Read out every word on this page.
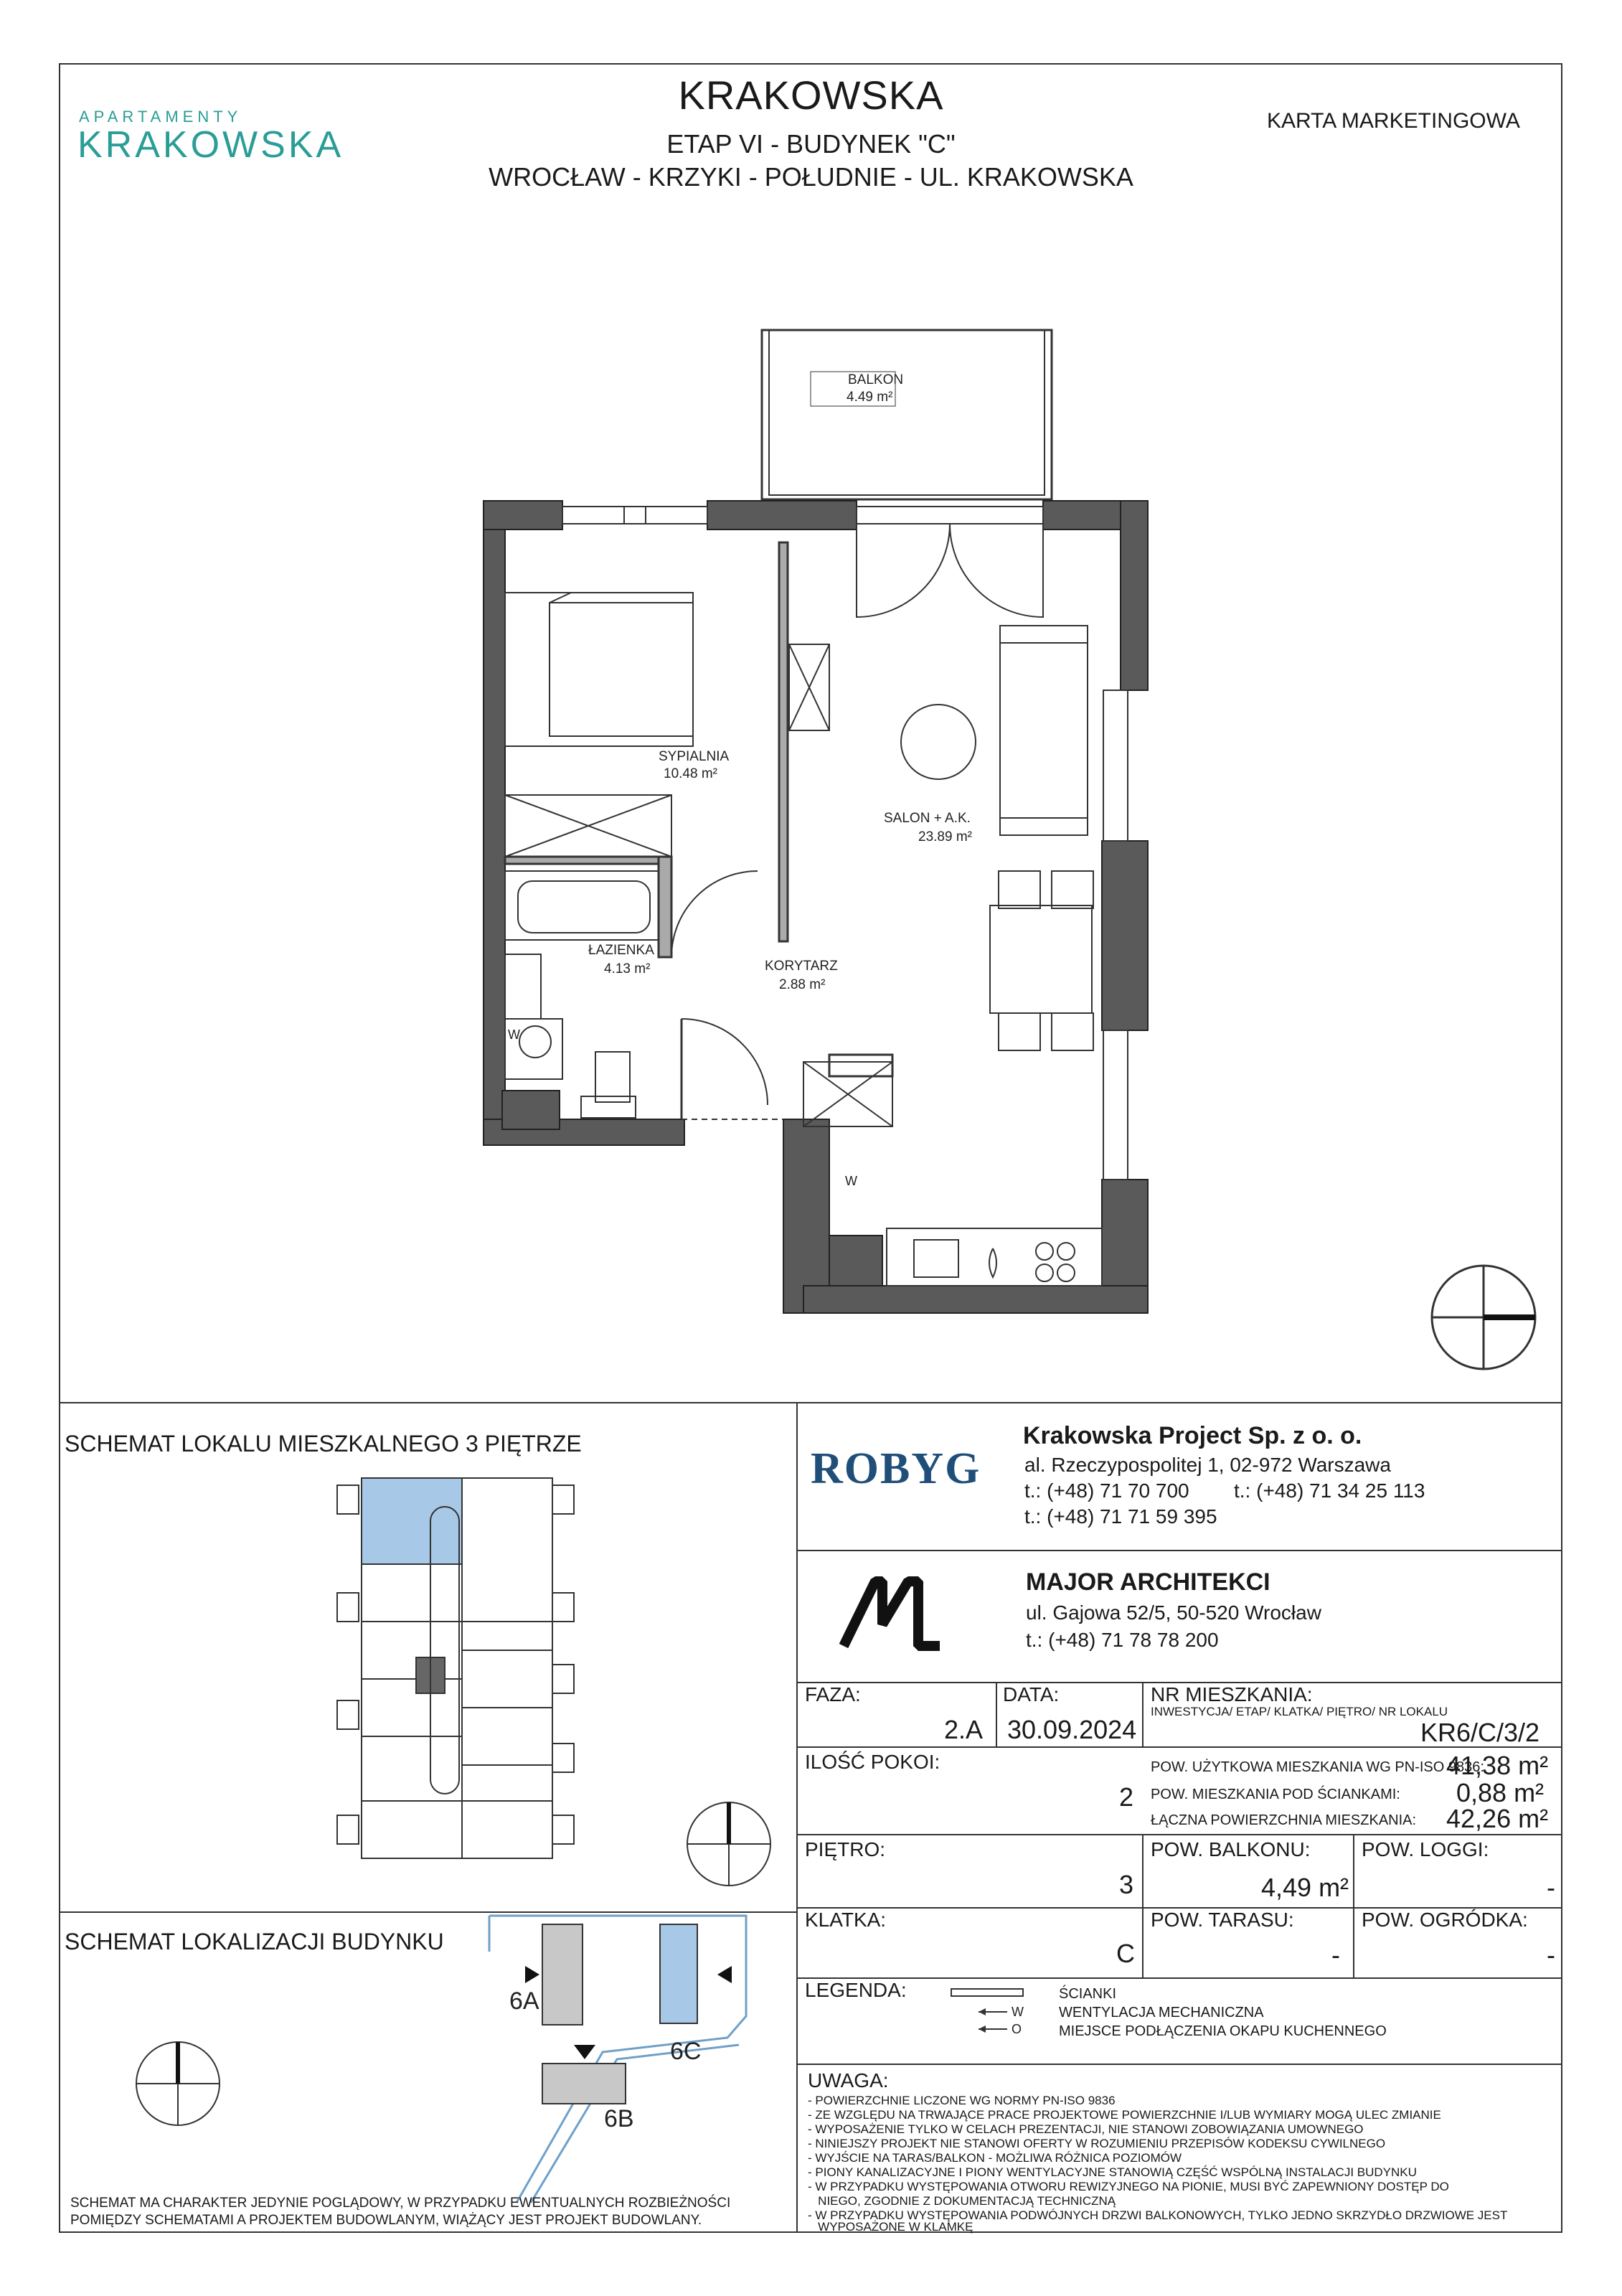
APARTAMENTY
KRAKOWSKA
KRAKOWSKA
ETAP VI - BUDYNEK "C"
WROCŁAW - KRZYKI - POŁUDNIE - UL. KRAKOWSKA
KARTA MARKETINGOWA
BALKON
4.49 m²
SYPIALNIA
10.48 m²
SALON + A.K.
23.89 m²
ŁAZIENKA
4.13 m²	KORYTARZ
2.88 m²
W
W
SCHEMAT LOKALU MIESZKALNEGO 3 PIĘTRZE
SCHEMAT LOKALIZACJI BUDYNKU
6A
6B
6C
SCHEMAT MA CHARAKTER JEDYNIE POGLĄDOWY, W PRZYPADKU EWENTUALNYCH ROZBIEŻNOŚCI
POMIĘDZY SCHEMATAMI A PROJEKTEM BUDOWLANYM, WIĄŻĄCY JEST PROJEKT BUDOWLANY.
ROBYG
Krakowska Project Sp. z o. o.
al. Rzeczypospolitej 1, 02-972 Warszawa
t.: (+48) 71 70 700 t.: (+48) 71 34 25 113
t.: (+48) 71 71 59 395
MAJOR ARCHITEKCI
ul. Gajowa 52/5, 50-520 Wrocław
t.: (+48) 71 78 78 200
FAZA:
2.A
DATA:
30.09.2024
NR MIESZKANIA:
INWESTYCJA/ ETAP/ KLATKA/ PIĘTRO/ NR LOKALU
KR6/C/3/2
ILOŚĆ POKOI:
2
POW. UŻYTKOWA MIESZKANIA WG PN-ISO 9836:
41,38 m²
POW. MIESZKANIA POD ŚCIANKAMI: 0,88 m²
ŁĄCZNA POWIERZCHNIA MIESZKANIA: 42,26 m²
PIĘTRO:
3
POW. BALKONU:
4,49 m²
POW. LOGGI:
-
KLATKA:
C
POW. TARASU:
-
POW. OGRÓDKA:
-
LEGENDA:
W
O
ŚCIANKI
WENTYLACJA MECHANICZNA
MIEJSCE PODŁĄCZENIA OKAPU KUCHENNEGO
UWAGA:
- POWIERZCHNIE LICZONE WG NORMY PN-ISO 9836
- ZE WZGLĘDU NA TRWAJĄCE PRACE PROJEKTOWE POWIERZCHNIE I/LUB WYMIARY MOGĄ ULEC ZMIANIE
- WYPOSAŻENIE TYLKO W CELACH PREZENTACJI, NIE STANOWI ZOBOWIĄZANIA UMOWNEGO
- NINIEJSZY PROJEKT NIE STANOWI OFERTY W ROZUMIENIU PRZEPISÓW KODEKSU CYWILNEGO
- WYJŚCIE NA TARAS/BALKON - MOŻLIWA RÓŻNICA POZIOMÓW
- PIONY KANALIZACYJNE I PIONY WENTYLACYJNE STANOWIĄ CZĘŚĆ WSPÓLNĄ INSTALACJI BUDYNKU
- W PRZYPADKU WYSTĘPOWANIA OTWORU REWIZYJNEGO NA PIONIE, MUSI BYĆ ZAPEWNIONY DOSTĘP DO
NIEGO, ZGODNIE Z DOKUMENTACJĄ TECHNICZNĄ
- W PRZYPADKU WYSTĘPOWANIA PODWÓJNYCH DRZWI BALKONOWYCH, TYLKO JEDNO SKRZYDŁO DRZWIOWE JEST
WYPOSAŻONE W KLAMKĘ
